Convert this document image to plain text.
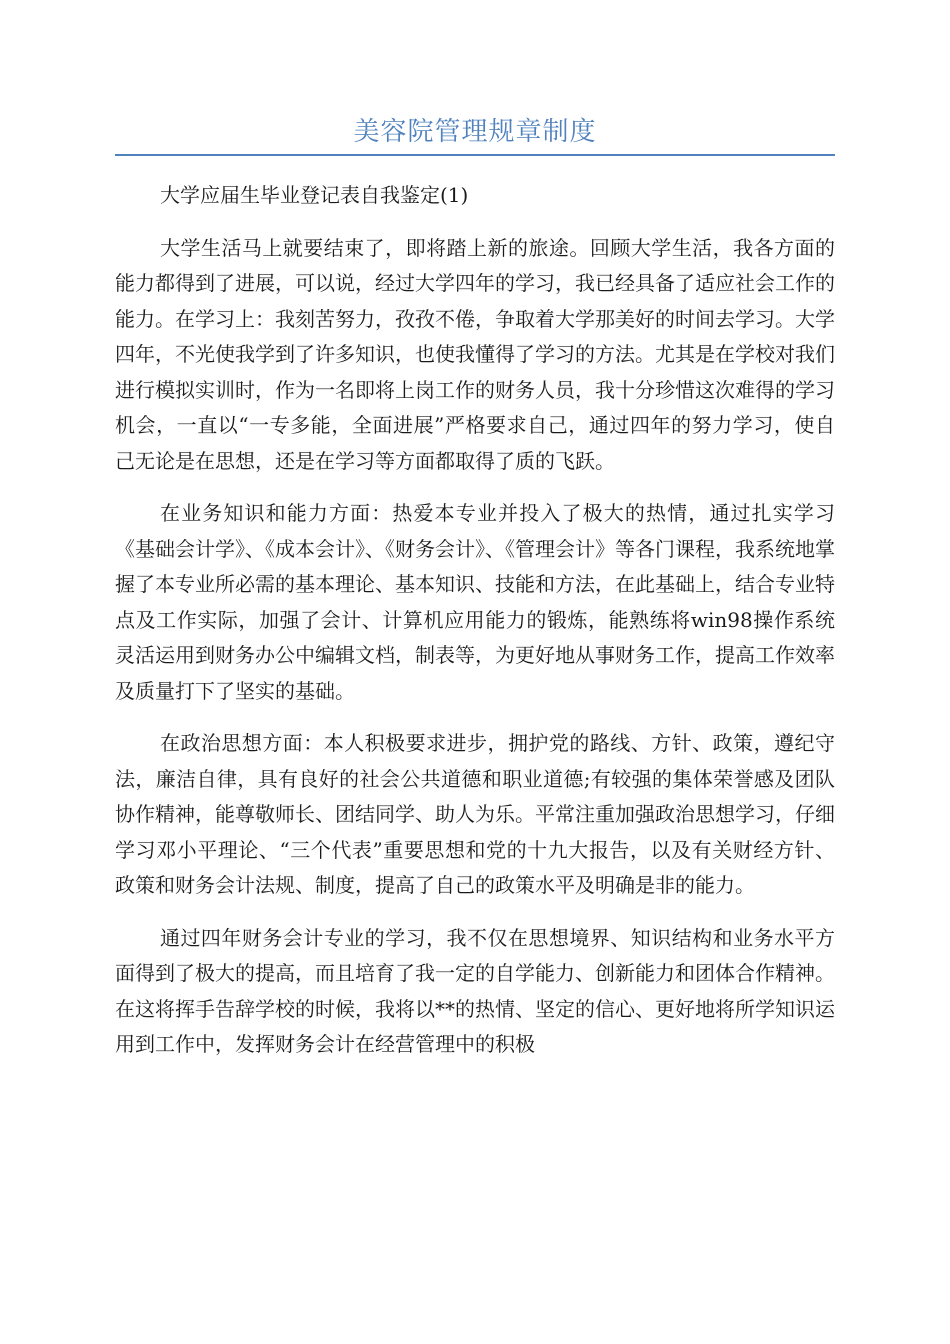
美容院管理规章制度

大学应届生毕业登记表自我鉴定(1)

大学生活马上就要结束了，即将踏上新的旅途。回顾大学生活，我各方面的能力都得到了进展，可以说，经过大学四年的学习，我已经具备了适应社会工作的能力。在学习上：我刻苦努力，孜孜不倦，争取着大学那美好的时间去学习。大学四年，不光使我学到了许多知识，也使我懂得了学习的方法。尤其是在学校对我们进行模拟实训时，作为一名即将上岗工作的财务人员，我十分珍惜这次难得的学习机会，一直以“一专多能，全面进展”严格要求自己，通过四年的努力学习，使自己无论是在思想，还是在学习等方面都取得了质的飞跃。

在业务知识和能力方面：热爱本专业并投入了极大的热情，通过扎实学习《基础会计学》、《成本会计》、《财务会计》、《管理会计》等各门课程，我系统地掌握了本专业所必需的基本理论、基本知识、技能和方法，在此基础上，结合专业特点及工作实际，加强了会计、计算机应用能力的锻炼，能熟练将win98操作系统灵活运用到财务办公中编辑文档，制表等，为更好地从事财务工作，提高工作效率及质量打下了坚实的基础。

在政治思想方面：本人积极要求进步，拥护党的路线、方针、政策，遵纪守法，廉洁自律，具有良好的社会公共道德和职业道德;有较强的集体荣誉感及团队协作精神，能尊敬师长、团结同学、助人为乐。平常注重加强政治思想学习，仔细学习邓小平理论、“三个代表”重要思想和党的十九大报告，以及有关财经方针、政策和财务会计法规、制度，提高了自己的政策水平及明确是非的能力。

通过四年财务会计专业的学习，我不仅在思想境界、知识结构和业务水平方面得到了极大的提高，而且培育了我一定的自学能力、创新能力和团体合作精神。在这将挥手告辞学校的时候，我将以**的热情、坚定的信心、更好地将所学知识运用到工作中，发挥财务会计在经营管理中的积极
